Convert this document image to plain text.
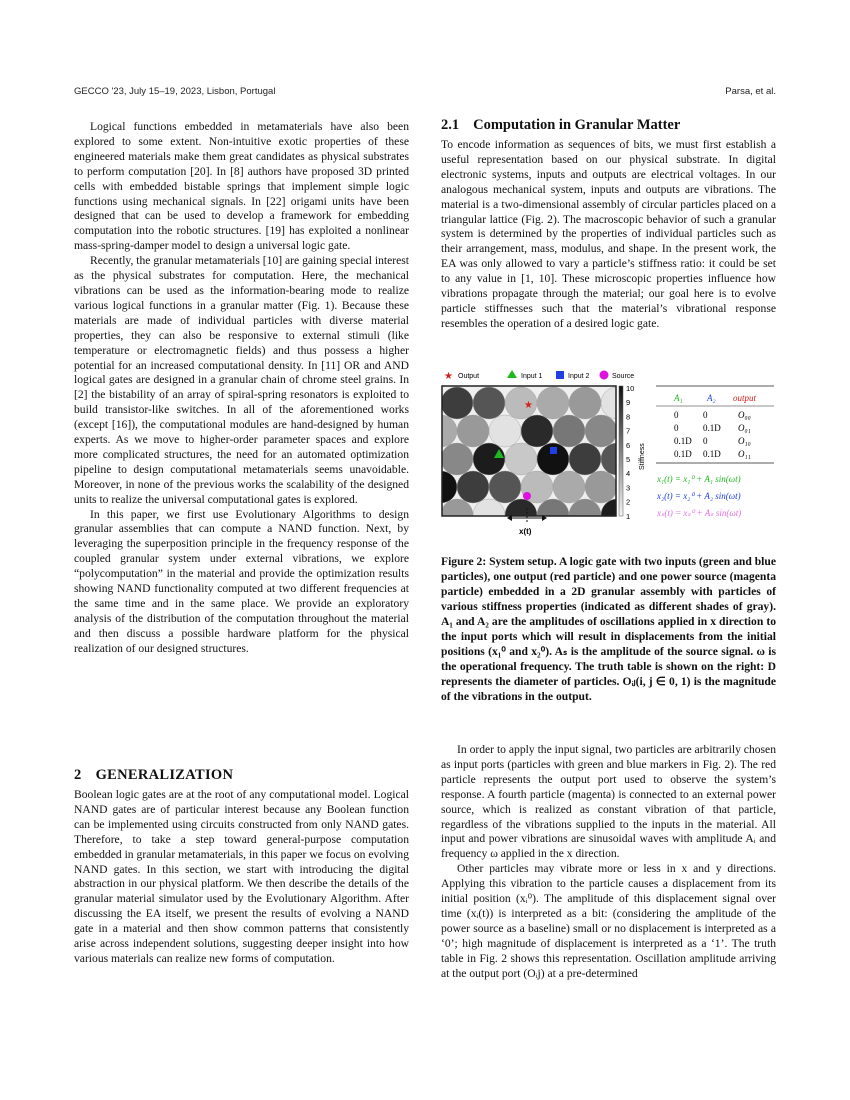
GECCO '23, July 15–19, 2023, Lisbon, Portugal	Parsa, et al.

Logical functions embedded in metamaterials have also been explored to some extent. Non-intuitive exotic properties of these engineered materials make them great candidates as physical substrates to perform computation [20]. In [8] authors have proposed 3D printed cells with embedded bistable springs that implement simple logic functions using mechanical signals. In [22] origami units have been designed that can be used to develop a framework for embedding computation into the robotic structures. [19] has exploited a nonlinear mass-spring-damper model to design a universal logic gate.

Recently, the granular metamaterials [10] are gaining special interest as the physical substrates for computation. Here, the mechanical vibrations can be used as the information-bearing mode to realize various logical functions in a granular matter (Fig. 1). Because these materials are made of individual particles with diverse material properties, they can also be responsive to external stimuli (like temperature or electromagnetic fields) and thus possess a higher potential for an increased computational density. In [11] OR and AND logical gates are designed in a granular chain of chrome steel grains. In [2] the bistability of an array of spiral-spring resonators is exploited to build transistor-like switches. In all of the aforementioned works (except [16]), the computational modules are hand-designed by human experts. As we move to higher-order parameter spaces and explore more complicated structures, the need for an automated optimization pipeline to design computational metamaterials seems unavoidable. Moreover, in none of the previous works the scalability of the designed units to realize the universal computational gates is explored.

In this paper, we first use Evolutionary Algorithms to design granular assemblies that can compute a NAND function. Next, by leveraging the superposition principle in the frequency response of the coupled granular system under external vibrations, we explore “polycomputation” in the material and provide the optimization results showing NAND functionality computed at two different frequencies at the same time and in the same place. We provide an exploratory analysis of the distribution of the computation throughout the material and then discuss a possible hardware platform for the physical realization of our designed structures.

2 GENERALIZATION

Boolean logic gates are at the root of any computational model. Logical NAND gates are of particular interest because any Boolean function can be implemented using circuits constructed from only NAND gates. Therefore, to take a step toward general-purpose computation embedded in granular metamaterials, in this paper we focus on evolving NAND gates. In this section, we start with introducing the digital abstraction in our physical platform. We then describe the details of the granular material simulator used by the Evolutionary Algorithm. After discussing the EA itself, we present the results of evolving a NAND gate in a material and then show common patterns that consistently arise across independent solutions, suggesting deeper insight into how various materials can realize new forms of computation.

2.1 Computation in Granular Matter

To encode information as sequences of bits, we must first establish a useful representation based on our physical substrate. In digital electronic systems, inputs and outputs are electrical voltages. In our analogous mechanical system, inputs and outputs are vibrations. The material is a two-dimensional assembly of circular particles placed on a triangular lattice (Fig. 2). The macroscopic behavior of such a granular system is determined by the properties of individual particles such as their arrangement, mass, modulus, and shape. In the present work, the EA was only allowed to vary a particle’s stiffness ratio: it could be set to any value in [1, 10]. These microscopic properties influence how vibrations propagate through the material; our goal here is to evolve particle stiffnesses such that the material’s vibrational response resembles the operation of a desired logic gate.

★ Output	Input 1	Input 2	Source
★
x(t)
10
9
8
7
6
5
4
3
2
1
Stiffness
A₁	A₂ output
0	0	O₀₀
0	0.1D O₀₁
0.1D 0	O₁₀
0.1D 0.1D O₁₁
x₁(t) = x₁⁰ + A₁ sin(ωt)
x₂(t) = x₂⁰ + A₂ sin(ωt)
xₛ(t) = xₛ⁰ + Aₛ sin(ωt)
Figure 2: System setup. A logic gate with two inputs (green and blue particles), one output (red particle) and one power source (magenta particle) embedded in a 2D granular assembly with particles of various stiffness properties (indicated as different shades of gray). A₁ and A₂ are the amplitudes of oscillations applied in x direction to the input ports which will result in displacements from the initial positions (x₁⁰ and x₂⁰). Aₛ is the amplitude of the source signal. ω is the operational frequency. The truth table is shown on the right: D represents the diameter of particles. Oᵢⱼ(i, j ∈ 0, 1) is the magnitude of the vibrations in the output.

In order to apply the input signal, two particles are arbitrarily chosen as input ports (particles with green and blue markers in Fig. 2). The red particle represents the output port used to observe the system’s response. A fourth particle (magenta) is connected to an external power source, which is realized as constant vibration of that particle, regardless of the vibrations supplied to the inputs in the material. All input and power vibrations are sinusoidal waves with amplitude Aᵢ and frequency ω applied in the x direction.

Other particles may vibrate more or less in x and y directions. Applying this vibration to the particle causes a displacement from its initial position (xᵢ⁰). The amplitude of this displacement signal over time (xᵢ(t)) is interpreted as a bit: (considering the amplitude of the power source as a baseline) small or no displacement is interpreted as a ‘0’; high magnitude of displacement is interpreted as a ‘1’. The truth table in Fig. 2 shows this representation. Oscillation amplitude arriving at the output port (Oᵢj) at a pre-determined
